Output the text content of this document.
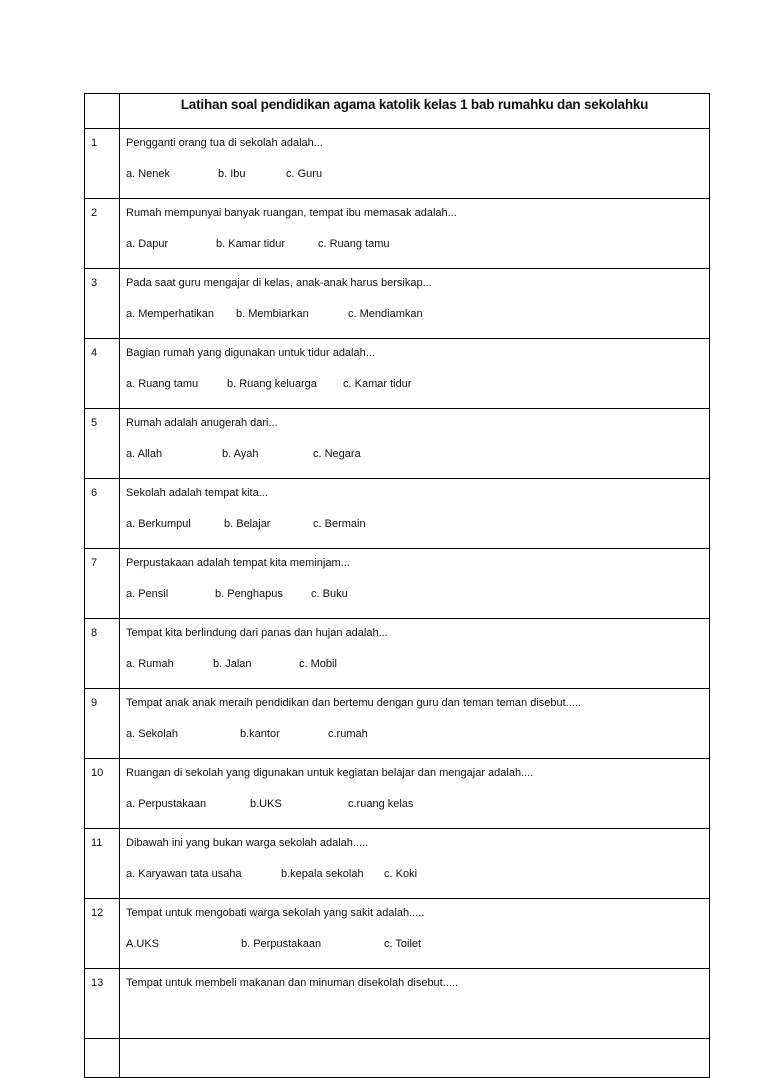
	Latihan soal pendidikan agama katolik kelas 1 bab rumahku dan sekolahku

1	Pengganti orang tua di sekolah adalah...
a. Nenek b. Ibu c. Guru

2	Rumah mempunyai banyak ruangan, tempat ibu memasak adalah...
a. Dapur b. Kamar tidur c. Ruang tamu

3	Pada saat guru mengajar di kelas, anak-anak harus bersikap...
a. Memperhatikan b. Membiarkan c. Mendiamkan

4	Bagian rumah yang digunakan untuk tidur adalah...
a. Ruang tamu b. Ruang keluarga c. Kamar tidur

5	Rumah adalah anugerah dari...
a. Allah b. Ayah c. Negara

6	Sekolah adalah tempat kita...
a. Berkumpul b. Belajar c. Bermain

7	Perpustakaan adalah tempat kita meminjam...
a. Pensil b. Penghapus c. Buku

8	Tempat kita berlindung dari panas dan hujan adalah...
a. Rumah b. Jalan c. Mobil

9	Tempat anak anak meraih pendidikan dan bertemu dengan guru dan teman teman disebut.....
a. Sekolah b.kantor c.rumah

10	Ruangan di sekolah yang digunakan untuk kegiatan belajar dan mengajar adalah....
a. Perpustakaan b.UKS c.ruang kelas

11	Dibawah ini yang bukan warga sekolah adalah.....
a. Karyawan tata usaha b.kepala sekolah c. Koki

12	Tempat untuk mengobati warga sekolah yang sakit adalah.....
A.UKS b. Perpustakaan c. Toilet

13	Tempat untuk membeli makanan dan minuman disekolah disebut.....
